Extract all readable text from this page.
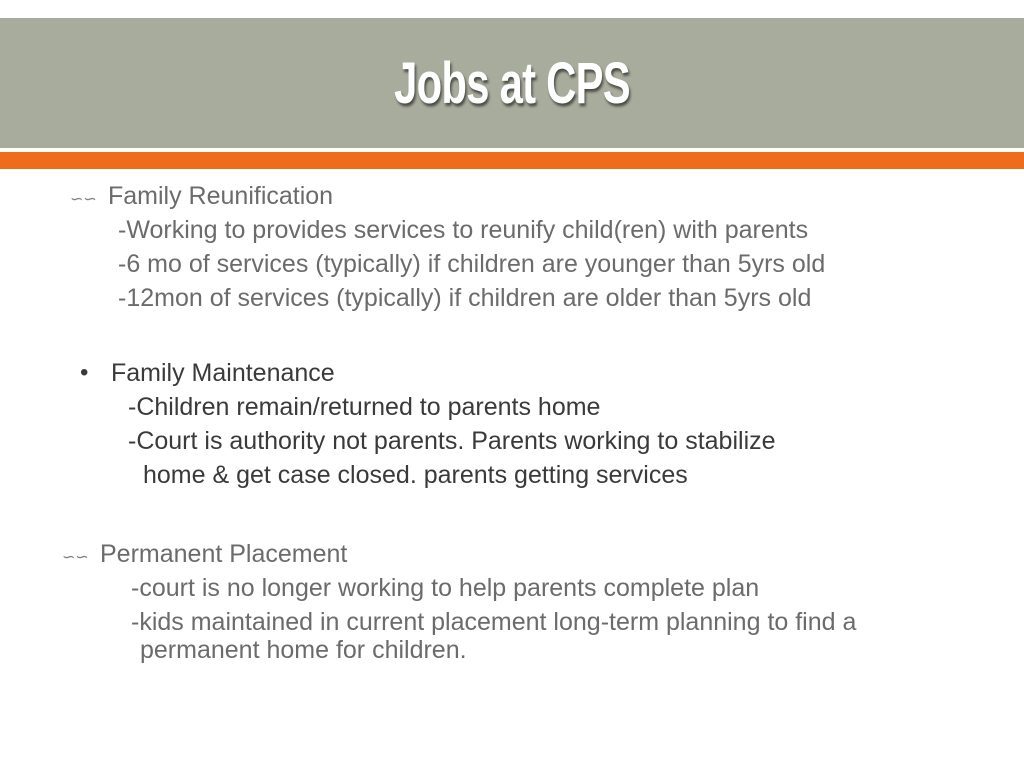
Jobs at CPS
∽∽ Family Reunification
-Working to provides services to reunify child(ren) with parents
-6 mo of services (typically) if children are younger than 5yrs old
-12mon of services (typically) if children are older than 5yrs old
• Family Maintenance
-Children remain/returned to parents home
-Court is authority not parents. Parents working to stabilize
home & get case closed. parents getting services
∽∽ Permanent Placement
-court is no longer working to help parents complete plan
-kids maintained in current placement long-term planning to find a
permanent home for children.
